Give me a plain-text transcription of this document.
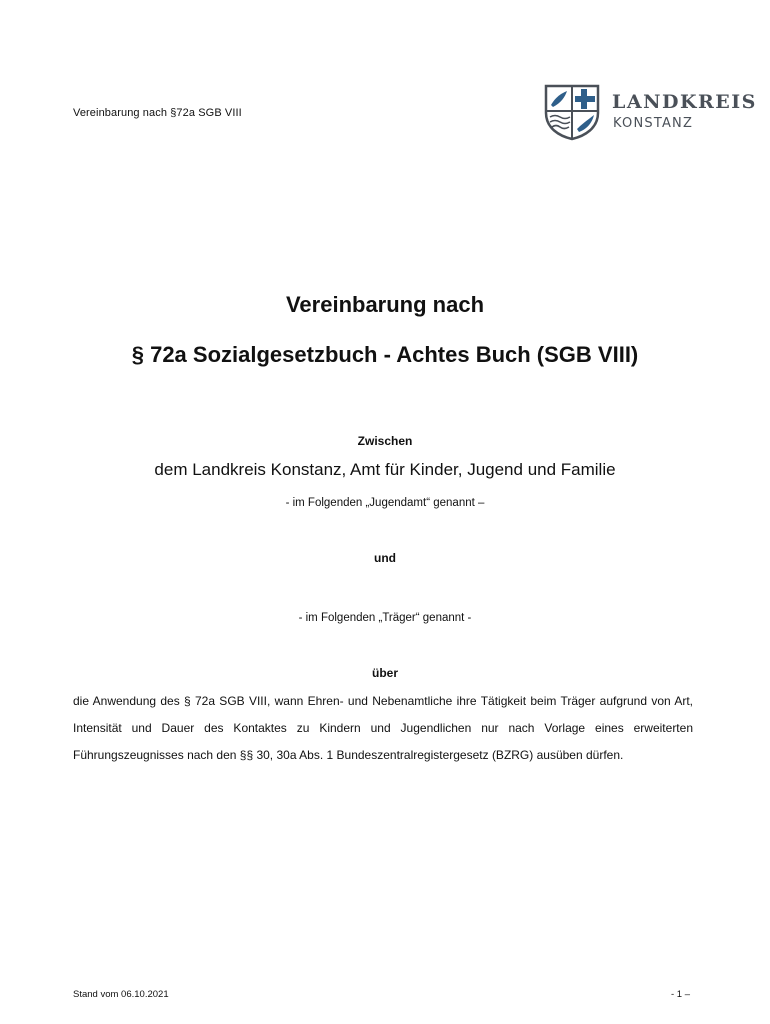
Vereinbarung nach §72a SGB VIII	LANDKREIS
KONSTANZ
Vereinbarung nach
§ 72a Sozialgesetzbuch - Achtes Buch (SGB VIII)
Zwischen
dem Landkreis Konstanz, Amt für Kinder, Jugend und Familie
- im Folgenden „Jugendamt“ genannt –
und
- im Folgenden „Träger“ genannt -
über
die Anwendung des § 72a SGB VIII, wann Ehren- und Nebenamtliche ihre Tätigkeit beim Träger aufgrund von Art, Intensität und Dauer des Kontaktes zu Kindern und Jugendlichen nur nach Vorlage eines erweiterten Führungszeugnisses nach den §§ 30, 30a Abs. 1 Bundeszentralregistergesetz (BZRG) ausüben dürfen.
Stand vom 06.10.2021	- 1 –
